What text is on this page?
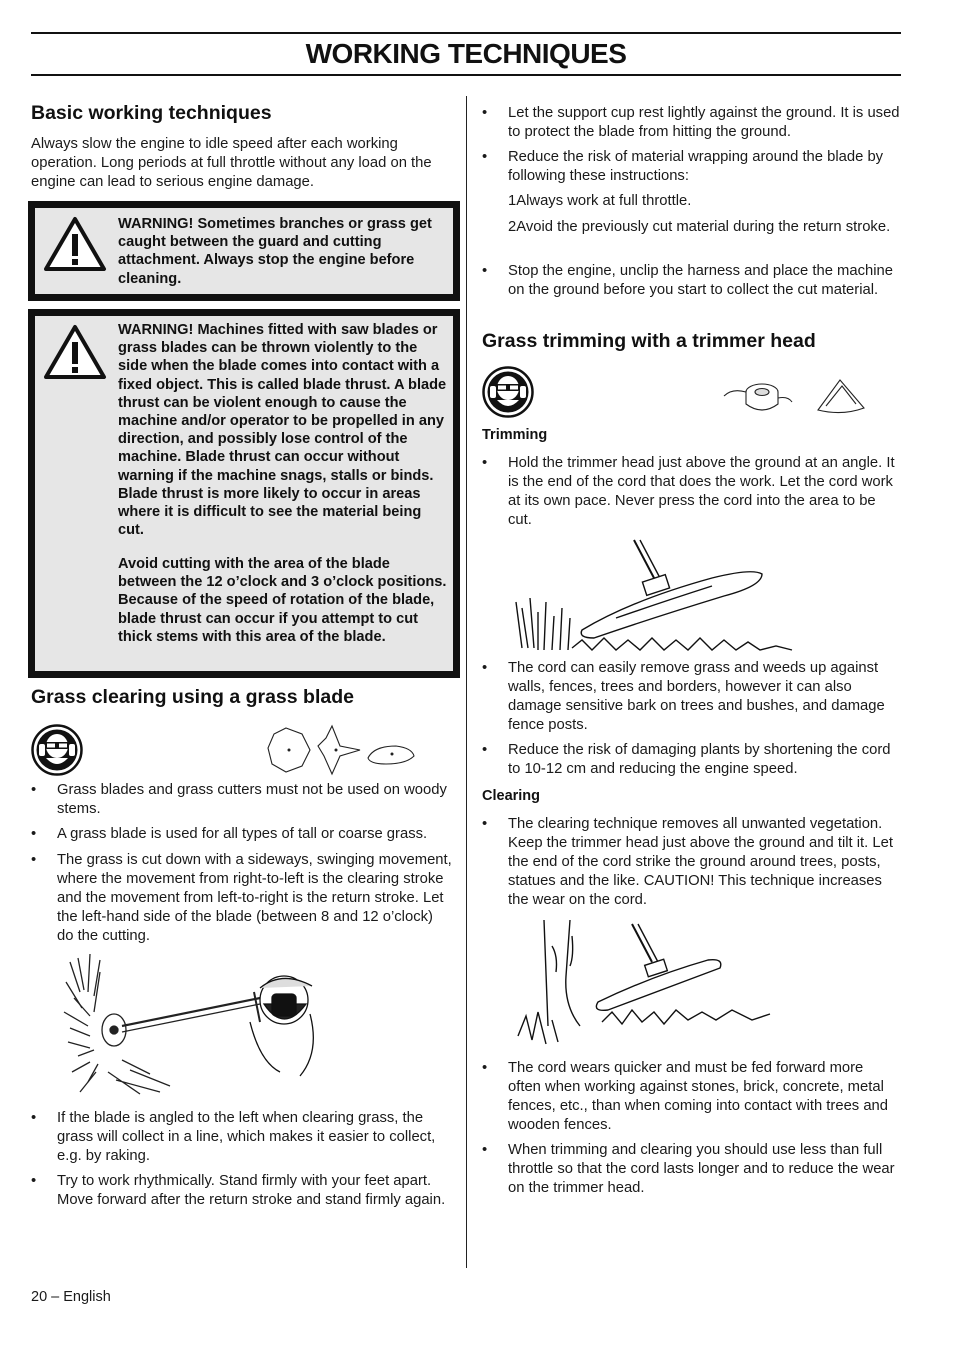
WORKING TECHNIQUES
Basic working techniques

Always slow the engine to idle speed after each working operation. Long periods at full throttle without any load on the engine can lead to serious engine damage.

WARNING! Sometimes branches or grass get caught between the guard and cutting attachment. Always stop the engine before cleaning.
WARNING! Machines fitted with saw blades or grass blades can be thrown violently to the side when the blade comes into contact with a fixed object. This is called blade thrust. A blade thrust can be violent enough to cause the machine and/or operator to be propelled in any direction, and possibly lose control of the machine. Blade thrust can occur without warning if the machine snags, stalls or binds. Blade thrust is more likely to occur in areas where it is difficult to see the material being cut.
Avoid cutting with the area of the blade between the 12 o’clock and 3 o’clock positions. Because of the speed of rotation of the blade, blade thrust can occur if you attempt to cut thick stems with this area of the blade.
Grass clearing using a grass blade
• Grass blades and grass cutters must not be used on woody stems.
• A grass blade is used for all types of tall or coarse grass.
• The grass is cut down with a sideways, swinging movement, where the movement from right-to-left is the clearing stroke and the movement from left-to-right is the return stroke. Let the left-hand side of the blade (between 8 and 12 o’clock) do the cutting.
• If the blade is angled to the left when clearing grass, the grass will collect in a line, which makes it easier to collect, e.g. by raking.
• Try to work rhythmically. Stand firmly with your feet apart. Move forward after the return stroke and stand firmly again.
• Let the support cup rest lightly against the ground. It is used to protect the blade from hitting the ground.
• Reduce the risk of material wrapping around the blade by following these instructions:

1Always work at full throttle.

2Avoid the previously cut material during the return stroke.

• Stop the engine, unclip the harness and place the machine on the ground before you start to collect the cut material.
Grass trimming with a trimmer head
Trimming
• Hold the trimmer head just above the ground at an angle. It is the end of the cord that does the work. Let the cord work at its own pace. Never press the cord into the area to be cut.
• The cord can easily remove grass and weeds up against walls, fences, trees and borders, however it can also damage sensitive bark on trees and bushes, and damage fence posts.
• Reduce the risk of damaging plants by shortening the cord to 10-12 cm and reducing the engine speed.
Clearing
• The clearing technique removes all unwanted vegetation. Keep the trimmer head just above the ground and tilt it. Let the end of the cord strike the ground around trees, posts, statues and the like. CAUTION! This technique increases the wear on the cord.
• The cord wears quicker and must be fed forward more often when working against stones, brick, concrete, metal fences, etc., than when coming into contact with trees and wooden fences.
• When trimming and clearing you should use less than full throttle so that the cord lasts longer and to reduce the wear on the trimmer head.
20 – English
